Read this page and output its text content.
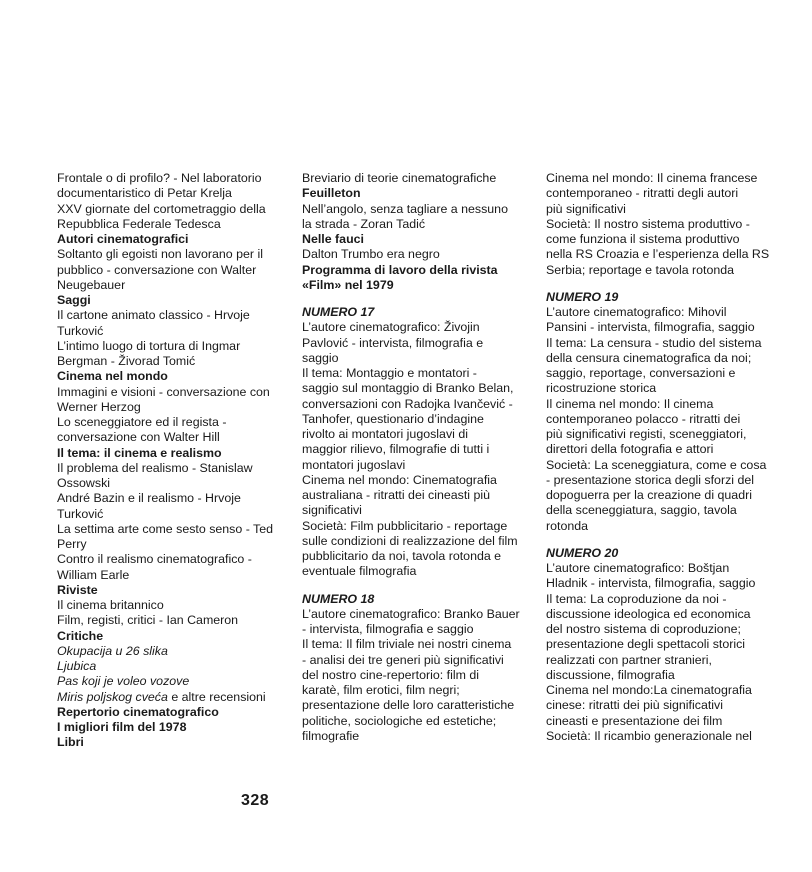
Frontale o di profilo? - Nel laboratorio
documentaristico di Petar Krelja
XXV giornate del cortometraggio della
Repubblica Federale Tedesca
Autori cinematografici
Soltanto gli egoisti non lavorano per il
pubblico - conversazione con Walter
Neugebauer
Saggi
Il cartone animato classico - Hrvoje
Turković
L’intimo luogo di tortura di Ingmar
Bergman - Živorad Tomić
Cinema nel mondo
Immagini e visioni - conversazione con
Werner Herzog
Lo sceneggiatore ed il regista -
conversazione con Walter Hill
Il tema: il cinema e realismo
Il problema del realismo - Stanislaw
Ossowski
André Bazin e il realismo - Hrvoje
Turković
La settima arte come sesto senso - Ted
Perry
Contro il realismo cinematografico -
William Earle
Riviste
Il cinema britannico
Film, registi, critici - Ian Cameron
Critiche
Okupacija u 26 slika
Ljubica
Pas koji je voleo vozove
Miris poljskog cveća e altre recensioni
Repertorio cinematografico
I migliori film del 1978
Libri
Breviario di teorie cinematografiche
Feuilleton
Nell’angolo, senza tagliare a nessuno
la strada - Zoran Tadić
Nelle fauci
Dalton Trumbo era negro
Programma di lavoro della rivista
«Film» nel 1979
NUMERO 17
L’autore cinematografico: Živojin
Pavlović - intervista, filmografia e
saggio
Il tema: Montaggio e montatori -
saggio sul montaggio di Branko Belan,
conversazioni con Radojka Ivančević -
Tanhofer, questionario d’indagine
rivolto ai montatori jugoslavi di
maggior rilievo, filmografie di tutti i
montatori jugoslavi
Cinema nel mondo: Cinematografia
australiana - ritratti dei cineasti più
significativi
Società: Film pubblicitario - reportage
sulle condizioni di realizzazione del film
pubblicitario da noi, tavola rotonda e
eventuale filmografia
NUMERO 18
L’autore cinematografico: Branko Bauer
- intervista, filmografia e saggio
Il tema: Il film triviale nei nostri cinema
- analisi dei tre generi più significativi
del nostro cine-repertorio: film di
karatè, film erotici, film negri;
presentazione delle loro caratteristiche
politiche, sociologiche ed estetiche;
filmografie
Cinema nel mondo: Il cinema francese
contemporaneo - ritratti degli autori
più significativi
Società: Il nostro sistema produttivo -
come funziona il sistema produttivo
nella RS Croazia e l’esperienza della RS
Serbia; reportage e tavola rotonda
NUMERO 19
L’autore cinematografico: Mihovil
Pansini - intervista, filmografia, saggio
Il tema: La censura - studio del sistema
della censura cinematografica da noi;
saggio, reportage, conversazioni e
ricostruzione storica
Il cinema nel mondo: Il cinema
contemporaneo polacco - ritratti dei
più significativi registi, sceneggiatori,
direttori della fotografia e attori
Società: La sceneggiatura, come e cosa
- presentazione storica degli sforzi del
dopoguerra per la creazione di quadri
della sceneggiatura, saggio, tavola
rotonda
NUMERO 20
L’autore cinematografico: Boštjan
Hladnik - intervista, filmografia, saggio
Il tema: La coproduzione da noi -
discussione ideologica ed economica
del nostro sistema di coproduzione;
presentazione degli spettacoli storici
realizzati con partner stranieri,
discussione, filmografia
Cinema nel mondo:La cinematografia
cinese: ritratti dei più significativi
cineasti e presentazione dei film
Società: Il ricambio generazionale nel
328
